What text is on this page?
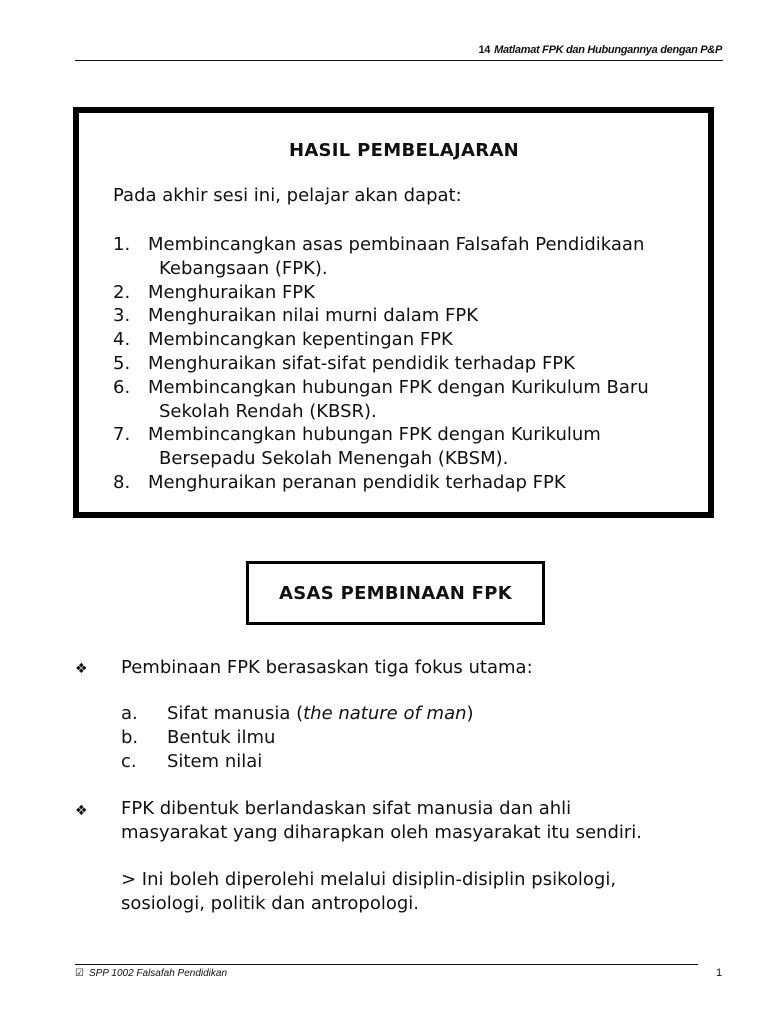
14 Matlamat FPK dan Hubungannya dengan P&P
HASIL PEMBELAJARAN
Pada akhir sesi ini, pelajar akan dapat:
1. Membincangkan asas pembinaan Falsafah Pendidikaan
Kebangsaan (FPK).
2. Menghuraikan FPK
3. Menghuraikan nilai murni dalam FPK
4. Membincangkan kepentingan FPK
5. Menghuraikan sifat-sifat pendidik terhadap FPK
6. Membincangkan hubungan FPK dengan Kurikulum Baru
Sekolah Rendah (KBSR).
7. Membincangkan hubungan FPK dengan Kurikulum
Bersepadu Sekolah Menengah (KBSM).
8. Menghuraikan peranan pendidik terhadap FPK
ASAS PEMBINAAN FPK
❖ Pembinaan FPK berasaskan tiga fokus utama:
a. Sifat manusia (the nature of man)
b. Bentuk ilmu
c. Sitem nilai
❖ FPK dibentuk berlandaskan sifat manusia dan ahli
masyarakat yang diharapkan oleh masyarakat itu sendiri.
> Ini boleh diperolehi melalui disiplin-disiplin psikologi,
sosiologi, politik dan antropologi.
☑ SPP 1002 Falsafah Pendidikan	1
